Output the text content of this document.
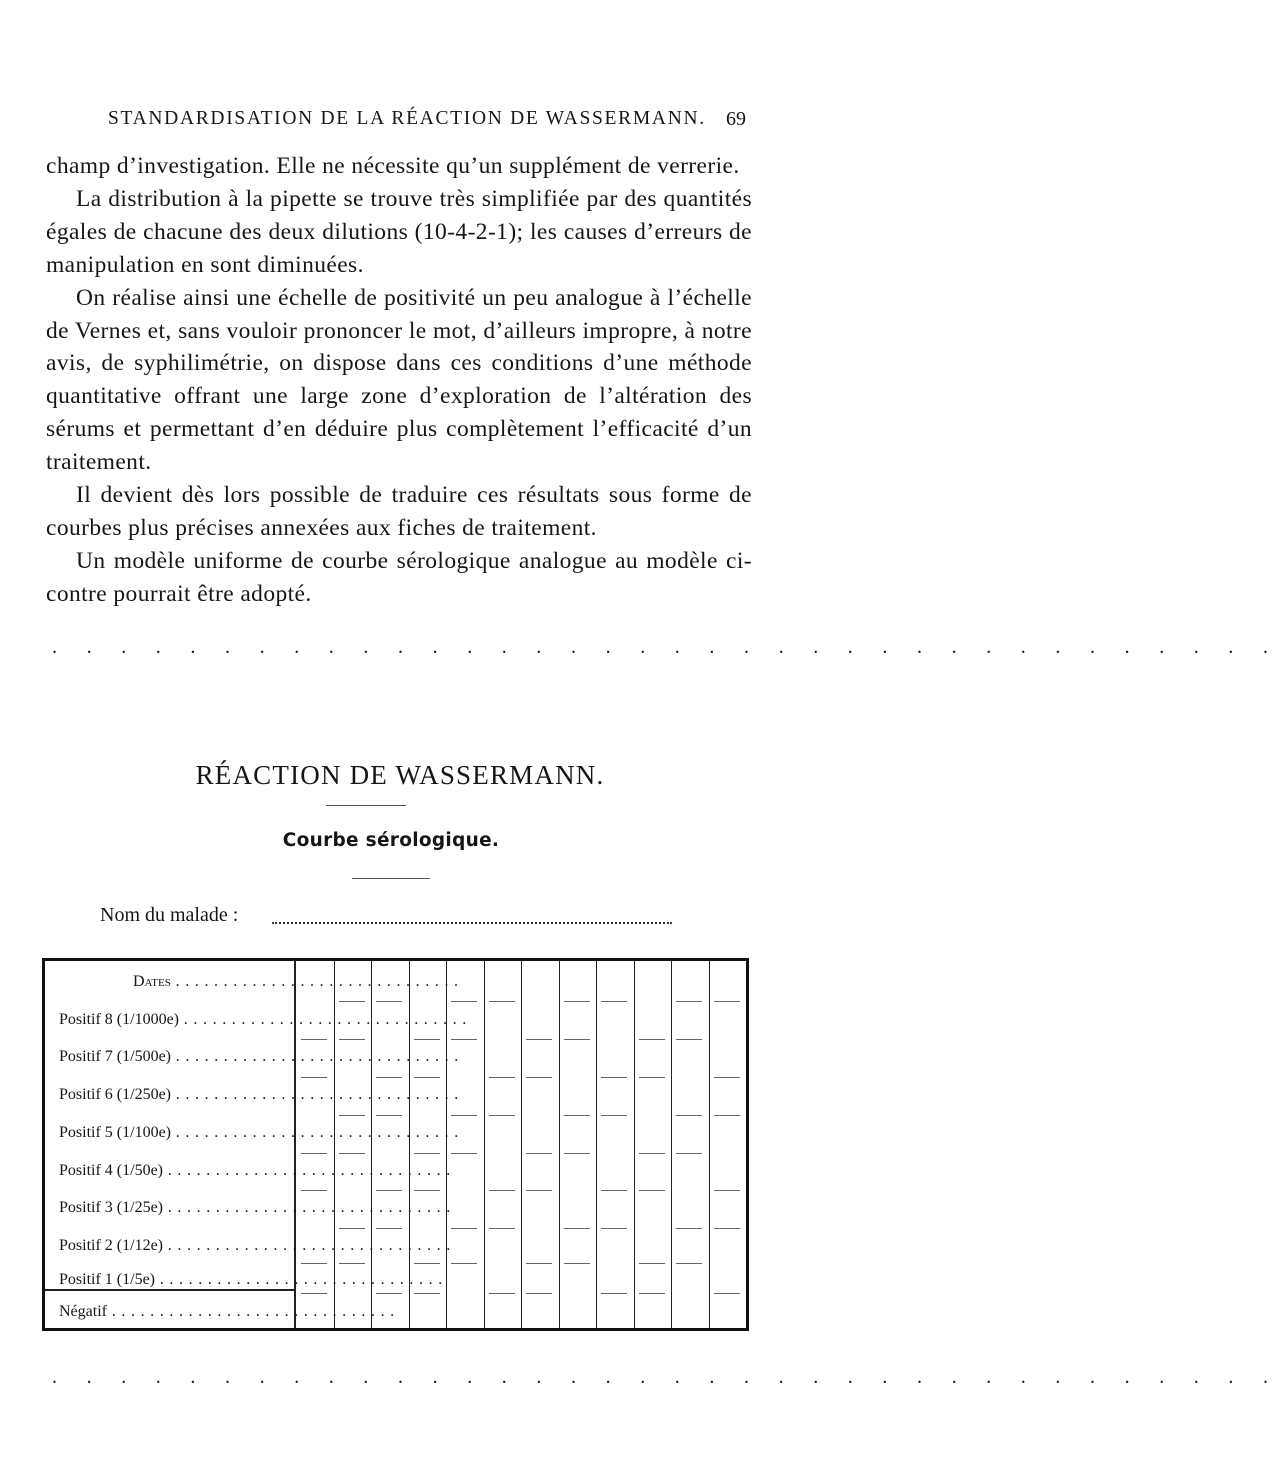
STANDARDISATION DE LA RÉACTION DE WASSERMANN. 69

champ d’investigation. Elle ne nécessite qu’un supplément de verrerie.

La distribution à la pipette se trouve très simplifiée par des quantités égales de chacune des deux dilutions (10-4-2-1); les causes d’erreurs de manipulation en sont diminuées.

On réalise ainsi une échelle de positivité un peu analogue à l’échelle de Vernes et, sans vouloir prononcer le mot, d’ailleurs impropre, à notre avis, de syphilimétrie, on dispose dans ces conditions d’une méthode quantitative offrant une large zone d’exploration de l’altération des sérums et permettant d’en déduire plus complètement l’efficacité d’un traitement.

Il devient dès lors possible de traduire ces résultats sous forme de courbes plus précises annexées aux fiches de traitement.

Un modèle uniforme de courbe sérologique analogue au modèle ci-contre pourrait être adopté.

. . . . . . . . . . . . . . . . . . . . . . . . . . . . . . . . . . . .
RÉACTION DE WASSERMANN.
Courbe sérologique.
Nom du malade :
Dates . . .
Positif 8 (1/1000e) . . .
Positif 7 (1/500e) . . .
Positif 6 (1/250e) . . .
Positif 5 (1/100e) . . .
Positif 4 (1/50e) . . .
Positif 3 (1/25e) . . .
Positif 2 (1/12e) . . .
Positif 1 (1/5e) . . .
Négatif . . .
. . . . . . . . . . . . . . . . . . . . . . . . . . . . . . . . . . . .
